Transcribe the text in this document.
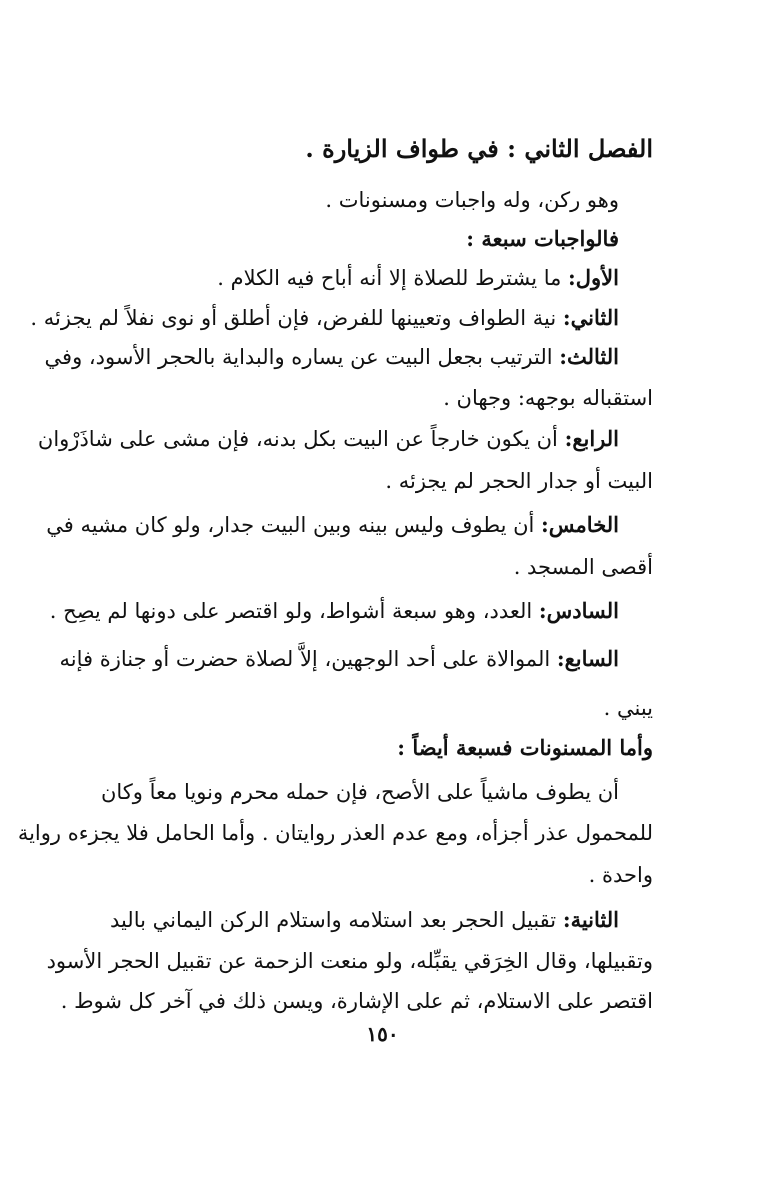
الفصل الثاني : في طواف الزيارة .
وهو ركن، وله واجبات ومسنونات .
فالواجبات سبعة :
الأول: ما يشترط للصلاة إلا أنه أباح فيه الكلام .
الثاني: نية الطواف وتعيينها للفرض، فإن أطلق أو نوى نفلاً لم يجزئه .
الثالث: الترتيب بجعل البيت عن يساره والبداية بالحجر الأسود، وفي
استقباله بوجهه: وجهان .
الرابع: أن يكون خارجاً عن البيت بكل بدنه، فإن مشى على شاذَرْوان
البيت أو جدار الحجر لم يجزئه .
الخامس: أن يطوف وليس بينه وبين البيت جدار، ولو كان مشيه في
أقصى المسجد .
السادس: العدد، وهو سبعة أشواط، ولو اقتصر على دونها لم يصِح .
السابع: الموالاة على أحد الوجهين، إلاَّ لصلاة حضرت أو جنازة فإنه
يبني .
وأما المسنونات فسبعة أيضاً :
أن يطوف ماشياً على الأصح، فإن حمله محرم ونويا معاً وكان
للمحمول عذر أجزأه، ومع عدم العذر روايتان . وأما الحامل فلا يجزءه رواية
واحدة .
الثانية: تقبيل الحجر بعد استلامه واستلام الركن اليماني باليد
وتقبيلها، وقال الخِرَقي يقبِّله، ولو منعت الزحمة عن تقبيل الحجر الأسود
اقتصر على الاستلام، ثم على الإشارة، ويسن ذلك في آخر كل شوط .
١٥٠
